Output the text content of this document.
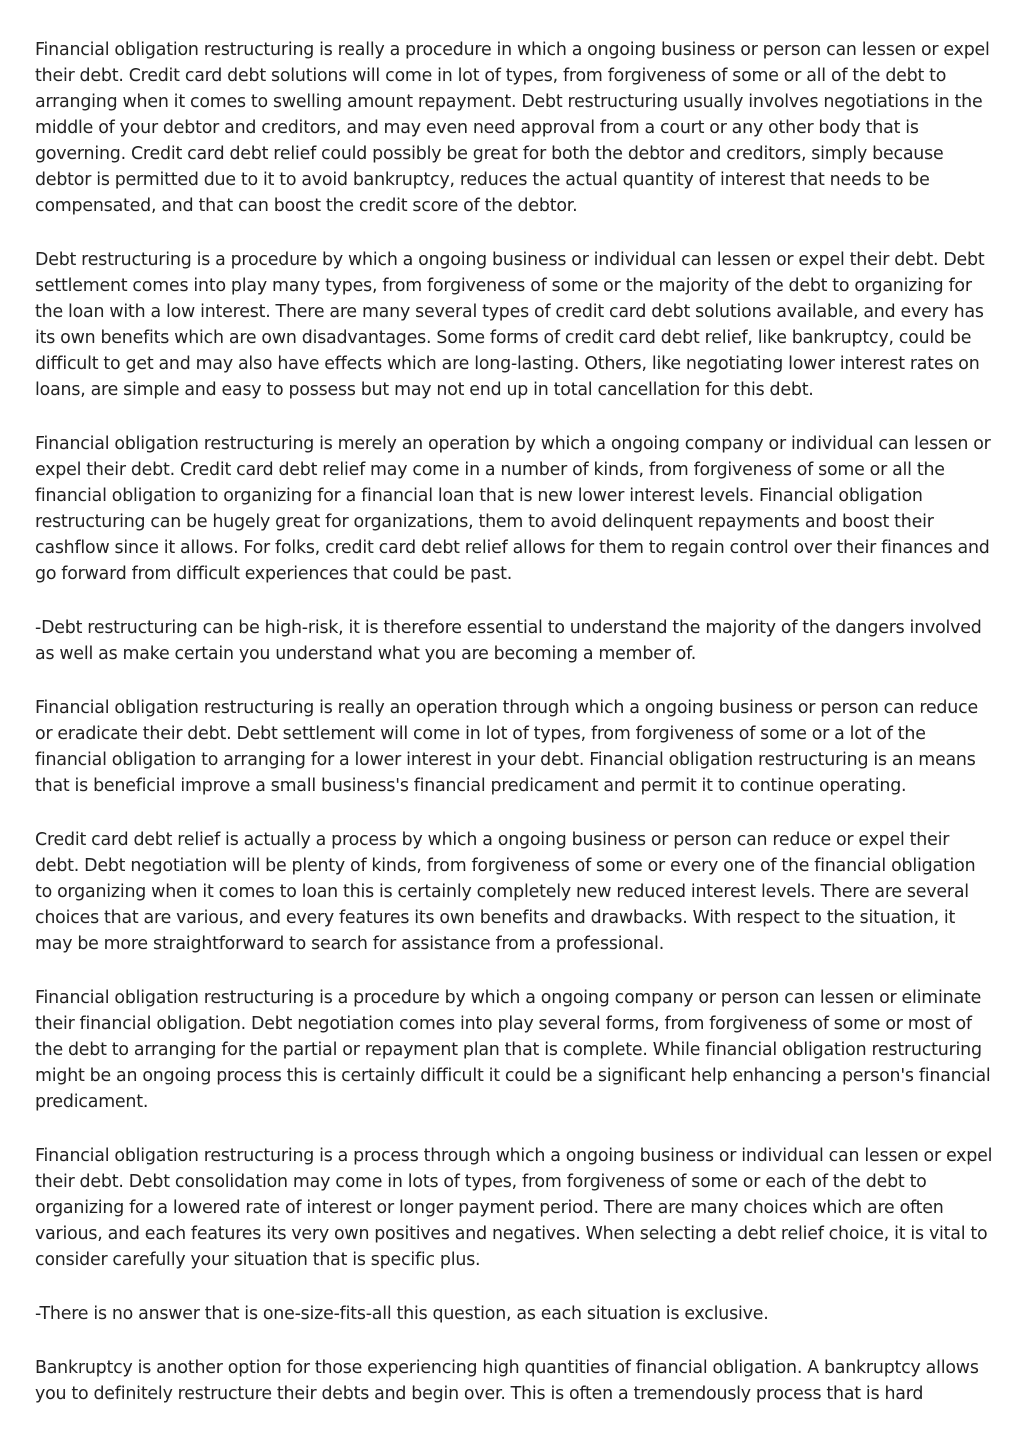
Financial obligation restructuring is really a procedure in which a ongoing business or person can lessen or expel their debt. Credit card debt solutions will come in lot of types, from forgiveness of some or all of the debt to arranging when it comes to swelling amount repayment. Debt restructuring usually involves negotiations in the middle of your debtor and creditors, and may even need approval from a court or any other body that is governing. Credit card debt relief could possibly be great for both the debtor and creditors, simply because debtor is permitted due to it to avoid bankruptcy, reduces the actual quantity of interest that needs to be compensated, and that can boost the credit score of the debtor.

Debt restructuring is a procedure by which a ongoing business or individual can lessen or expel their debt. Debt settlement comes into play many types, from forgiveness of some or the majority of the debt to organizing for the loan with a low interest. There are many several types of credit card debt solutions available, and every has its own benefits which are own disadvantages. Some forms of credit card debt relief, like bankruptcy, could be difficult to get and may also have effects which are long-lasting. Others, like negotiating lower interest rates on loans, are simple and easy to possess but may not end up in total cancellation for this debt.

Financial obligation restructuring is merely an operation by which a ongoing company or individual can lessen or expel their debt. Credit card debt relief may come in a number of kinds, from forgiveness of some or all the financial obligation to organizing for a financial loan that is new lower interest levels. Financial obligation restructuring can be hugely great for organizations, them to avoid delinquent repayments and boost their cashflow since it allows. For folks, credit card debt relief allows for them to regain control over their finances and go forward from difficult experiences that could be past.

-Debt restructuring can be high-risk, it is therefore essential to understand the majority of the dangers involved as well as make certain you understand what you are becoming a member of.

Financial obligation restructuring is really an operation through which a ongoing business or person can reduce or eradicate their debt. Debt settlement will come in lot of types, from forgiveness of some or a lot of the financial obligation to arranging for a lower interest in your debt. Financial obligation restructuring is an means that is beneficial improve a small business's financial predicament and permit it to continue operating.

Credit card debt relief is actually a process by which a ongoing business or person can reduce or expel their debt. Debt negotiation will be plenty of kinds, from forgiveness of some or every one of the financial obligation to organizing when it comes to loan this is certainly completely new reduced interest levels. There are several choices that are various, and every features its own benefits and drawbacks. With respect to the situation, it may be more straightforward to search for assistance from a professional.

Financial obligation restructuring is a procedure by which a ongoing company or person can lessen or eliminate their financial obligation. Debt negotiation comes into play several forms, from forgiveness of some or most of the debt to arranging for the partial or repayment plan that is complete. While financial obligation restructuring might be an ongoing process this is certainly difficult it could be a significant help enhancing a person's financial predicament.

Financial obligation restructuring is a process through which a ongoing business or individual can lessen or expel their debt. Debt consolidation may come in lots of types, from forgiveness of some or each of the debt to organizing for a lowered rate of interest or longer payment period. There are many choices which are often various, and each features its very own positives and negatives. When selecting a debt relief choice, it is vital to consider carefully your situation that is specific plus.

-There is no answer that is one-size-fits-all this question, as each situation is exclusive.

Bankruptcy is another option for those experiencing high quantities of financial obligation. A bankruptcy allows you to definitely restructure their debts and begin over. This is often a tremendously process that is hard
